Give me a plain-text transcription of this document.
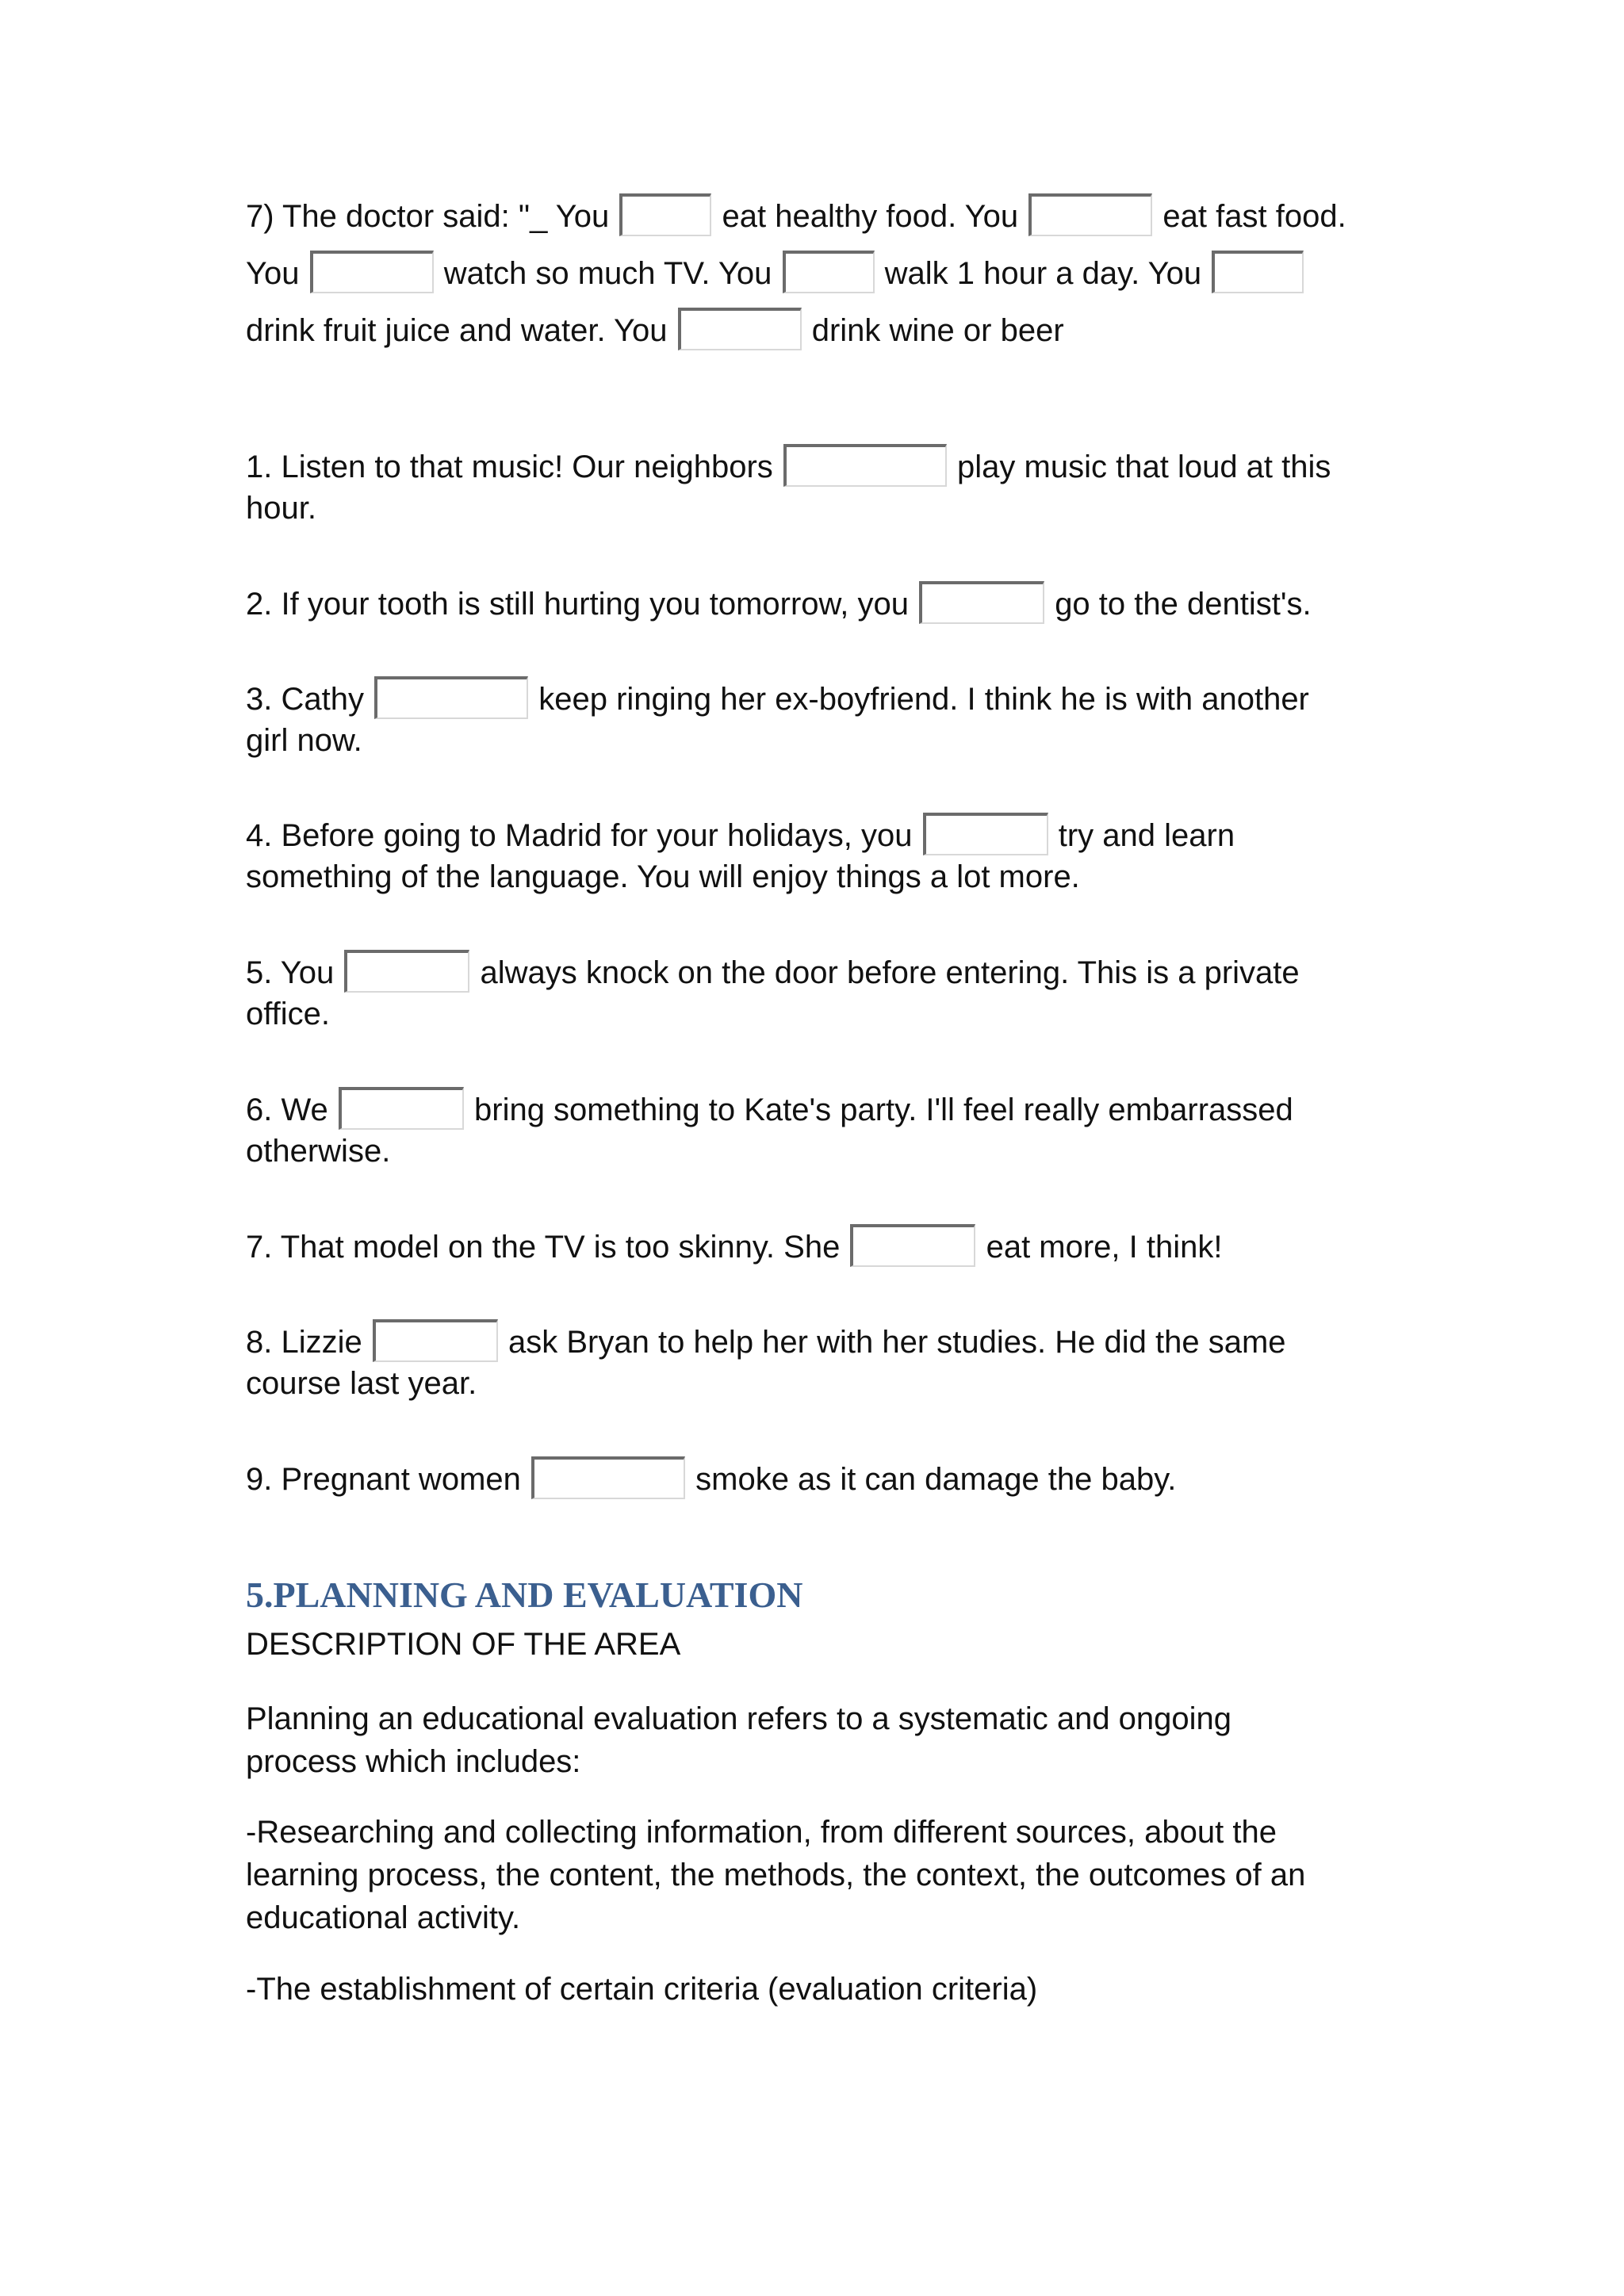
7) The doctor said: "_ You	eat healthy food. You	eat fast food.
You	watch so much TV. You	walk 1 hour a day. You
drink fruit juice and water. You	drink wine or beer
1. Listen to that music! Our neighbors	play music that loud at this
hour.
2. If your tooth is still hurting you tomorrow, you	go to the dentist's.
3. Cathy	keep ringing her ex-boyfriend. I think he is with another
girl now.
4. Before going to Madrid for your holidays, you	try and learn
something of the language. You will enjoy things a lot more.
5. You	always knock on the door before entering. This is a private
office.
6. We	bring something to Kate's party. I'll feel really embarrassed
otherwise.
7. That model on the TV is too skinny. She	eat more, I think!
8. Lizzie	ask Bryan to help her with her studies. He did the same
course last year.
9. Pregnant women	smoke as it can damage the baby.
5.PLANNING AND EVALUATION
DESCRIPTION OF THE AREA
Planning an educational evaluation refers to a systematic and ongoing
process which includes:
-Researching and collecting information, from different sources, about the
learning process, the content, the methods, the context, the outcomes of an
educational activity.
-The establishment of certain criteria (evaluation criteria)
